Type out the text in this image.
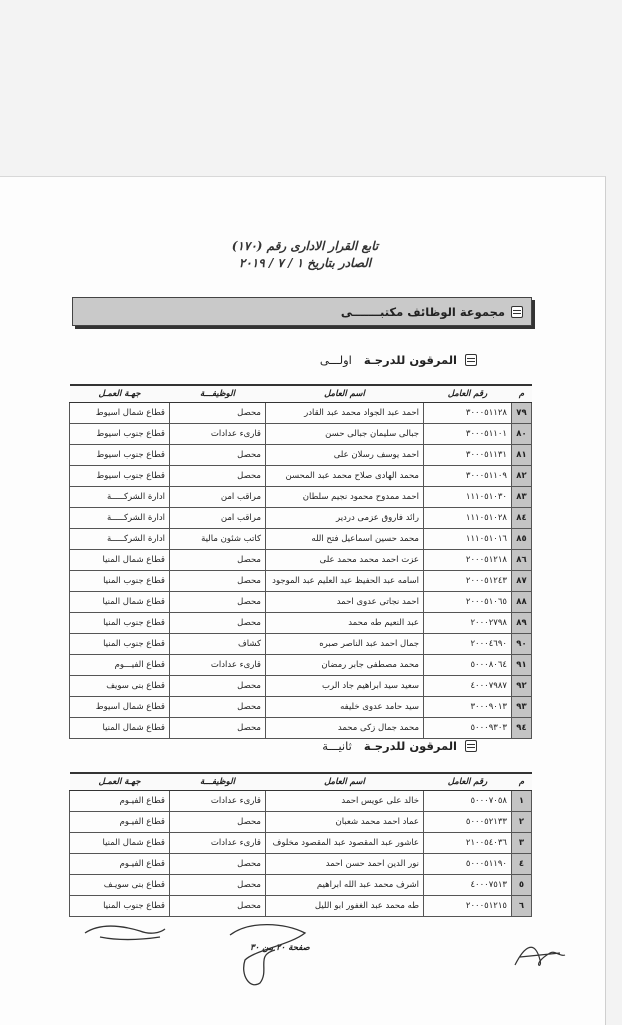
تابع القرار الادارى رقم (١٧٠)
الصادر بتاريخ ١ / ٧ / ٢٠١٩
مجموعة الوظائف مكتبـــــــى
المرقون للدرجـة
اولـــى
م	رقم العامل	اسم العامل	الوظيفـــة	جهـة العمـل
٧٩	٣٠٠٠٥١١٢٨	احمد عبد الجواد محمد عبد القادر	محصل	قطاع شمال اسيوط
٨٠	٣٠٠٠٥١١٠١	جبالى سليمان جبالى حسن	قارىء عدادات	قطاع جنوب اسيوط
٨١	٣٠٠٠٥١١٣١	احمد يوسف رسلان على	محصل	قطاع جنوب اسيوط
٨٢	٣٠٠٠٥١١٠٩	محمد الهادى صلاح محمد عبد المحسن	محصل	قطاع جنوب اسيوط
٨٣	١١١٠٥١٠٣٠	احمد ممدوح محمود نجيم سلطان	مراقب امن	ادارة الشركـــــة
٨٤	١١١٠٥١٠٢٨	رائد فاروق عزمى دردير	مراقب امن	ادارة الشركـــــة
٨٥	١١١٠٥١٠١٦	محمد حسين اسماعيل فتح الله	كاتب شئون مالية	ادارة الشركـــــة
٨٦	٢٠٠٠٥١٢١٨	عزت احمد محمد محمد على	محصل	قطاع شمال المنيا
٨٧	٢٠٠٠٥١٢٤٣	اسامه عبد الحفيظ عبد العليم عبد الموجود	محصل	قطاع جنوب المنيا
٨٨	٢٠٠٠٥١٠٦٥	احمد نجاتى عدوى احمد	محصل	قطاع شمال المنيا
٨٩	٢٠٠٠٢٧٩٨	عبد النعيم طه محمد	محصل	قطاع جنوب المنيا
٩٠	٢٠٠٠٤٦٩٠	جمال احمد عبد الناصر صبره	كشاف	قطاع جنوب المنيا
٩١	٥٠٠٠٨٠٦٤	محمد مصطفى جابر رمضان	قارىء عدادات	قطاع الفيـــوم
٩٢	٤٠٠٠٧٩٨٧	سعيد سيد ابراهيم جاد الرب	محصل	قطاع بنى سويف
٩٣	٣٠٠٠٩٠١٣	سيد حامد عدوى خليفه	محصل	قطاع شمال اسيوط
٩٤	٥٠٠٠٩٣٠٣	محمد جمال زكى محمد	محصل	قطاع شمال المنيا
المرقون للدرجـة
ثانيـــة
م	رقم العامل	اسم العامل	الوظيفـــة	جهـة العمـل
١	٥٠٠٠٧٠٥٨	خالد على عويس احمد	قارىء عدادات	قطاع الفيـوم
٢	٥٠٠٠٥٢١٣٣	عماد احمد محمد شعبان	محصل	قطاع الفيـوم
٣	٢١٠٠٥٤٠٣٦	عاشور عبد المقصود عبد المقصود مخلوف	قارىء عدادات	قطاع شمال المنيا
٤	٥٠٠٠٥١١٩٠	نور الدين احمد حسن احمد	محصل	قطاع الفيـوم
٥	٤٠٠٠٧٥١٣	اشرف محمد عبد الله ابراهيم	محصل	قطاع بنى سويـف
٦	٢٠٠٠٥١٢١٥	طه محمد عبد الغفور ابو الليل	محصل	قطاع جنوب المنيا
صفحة ٢٠ من ٣٠
